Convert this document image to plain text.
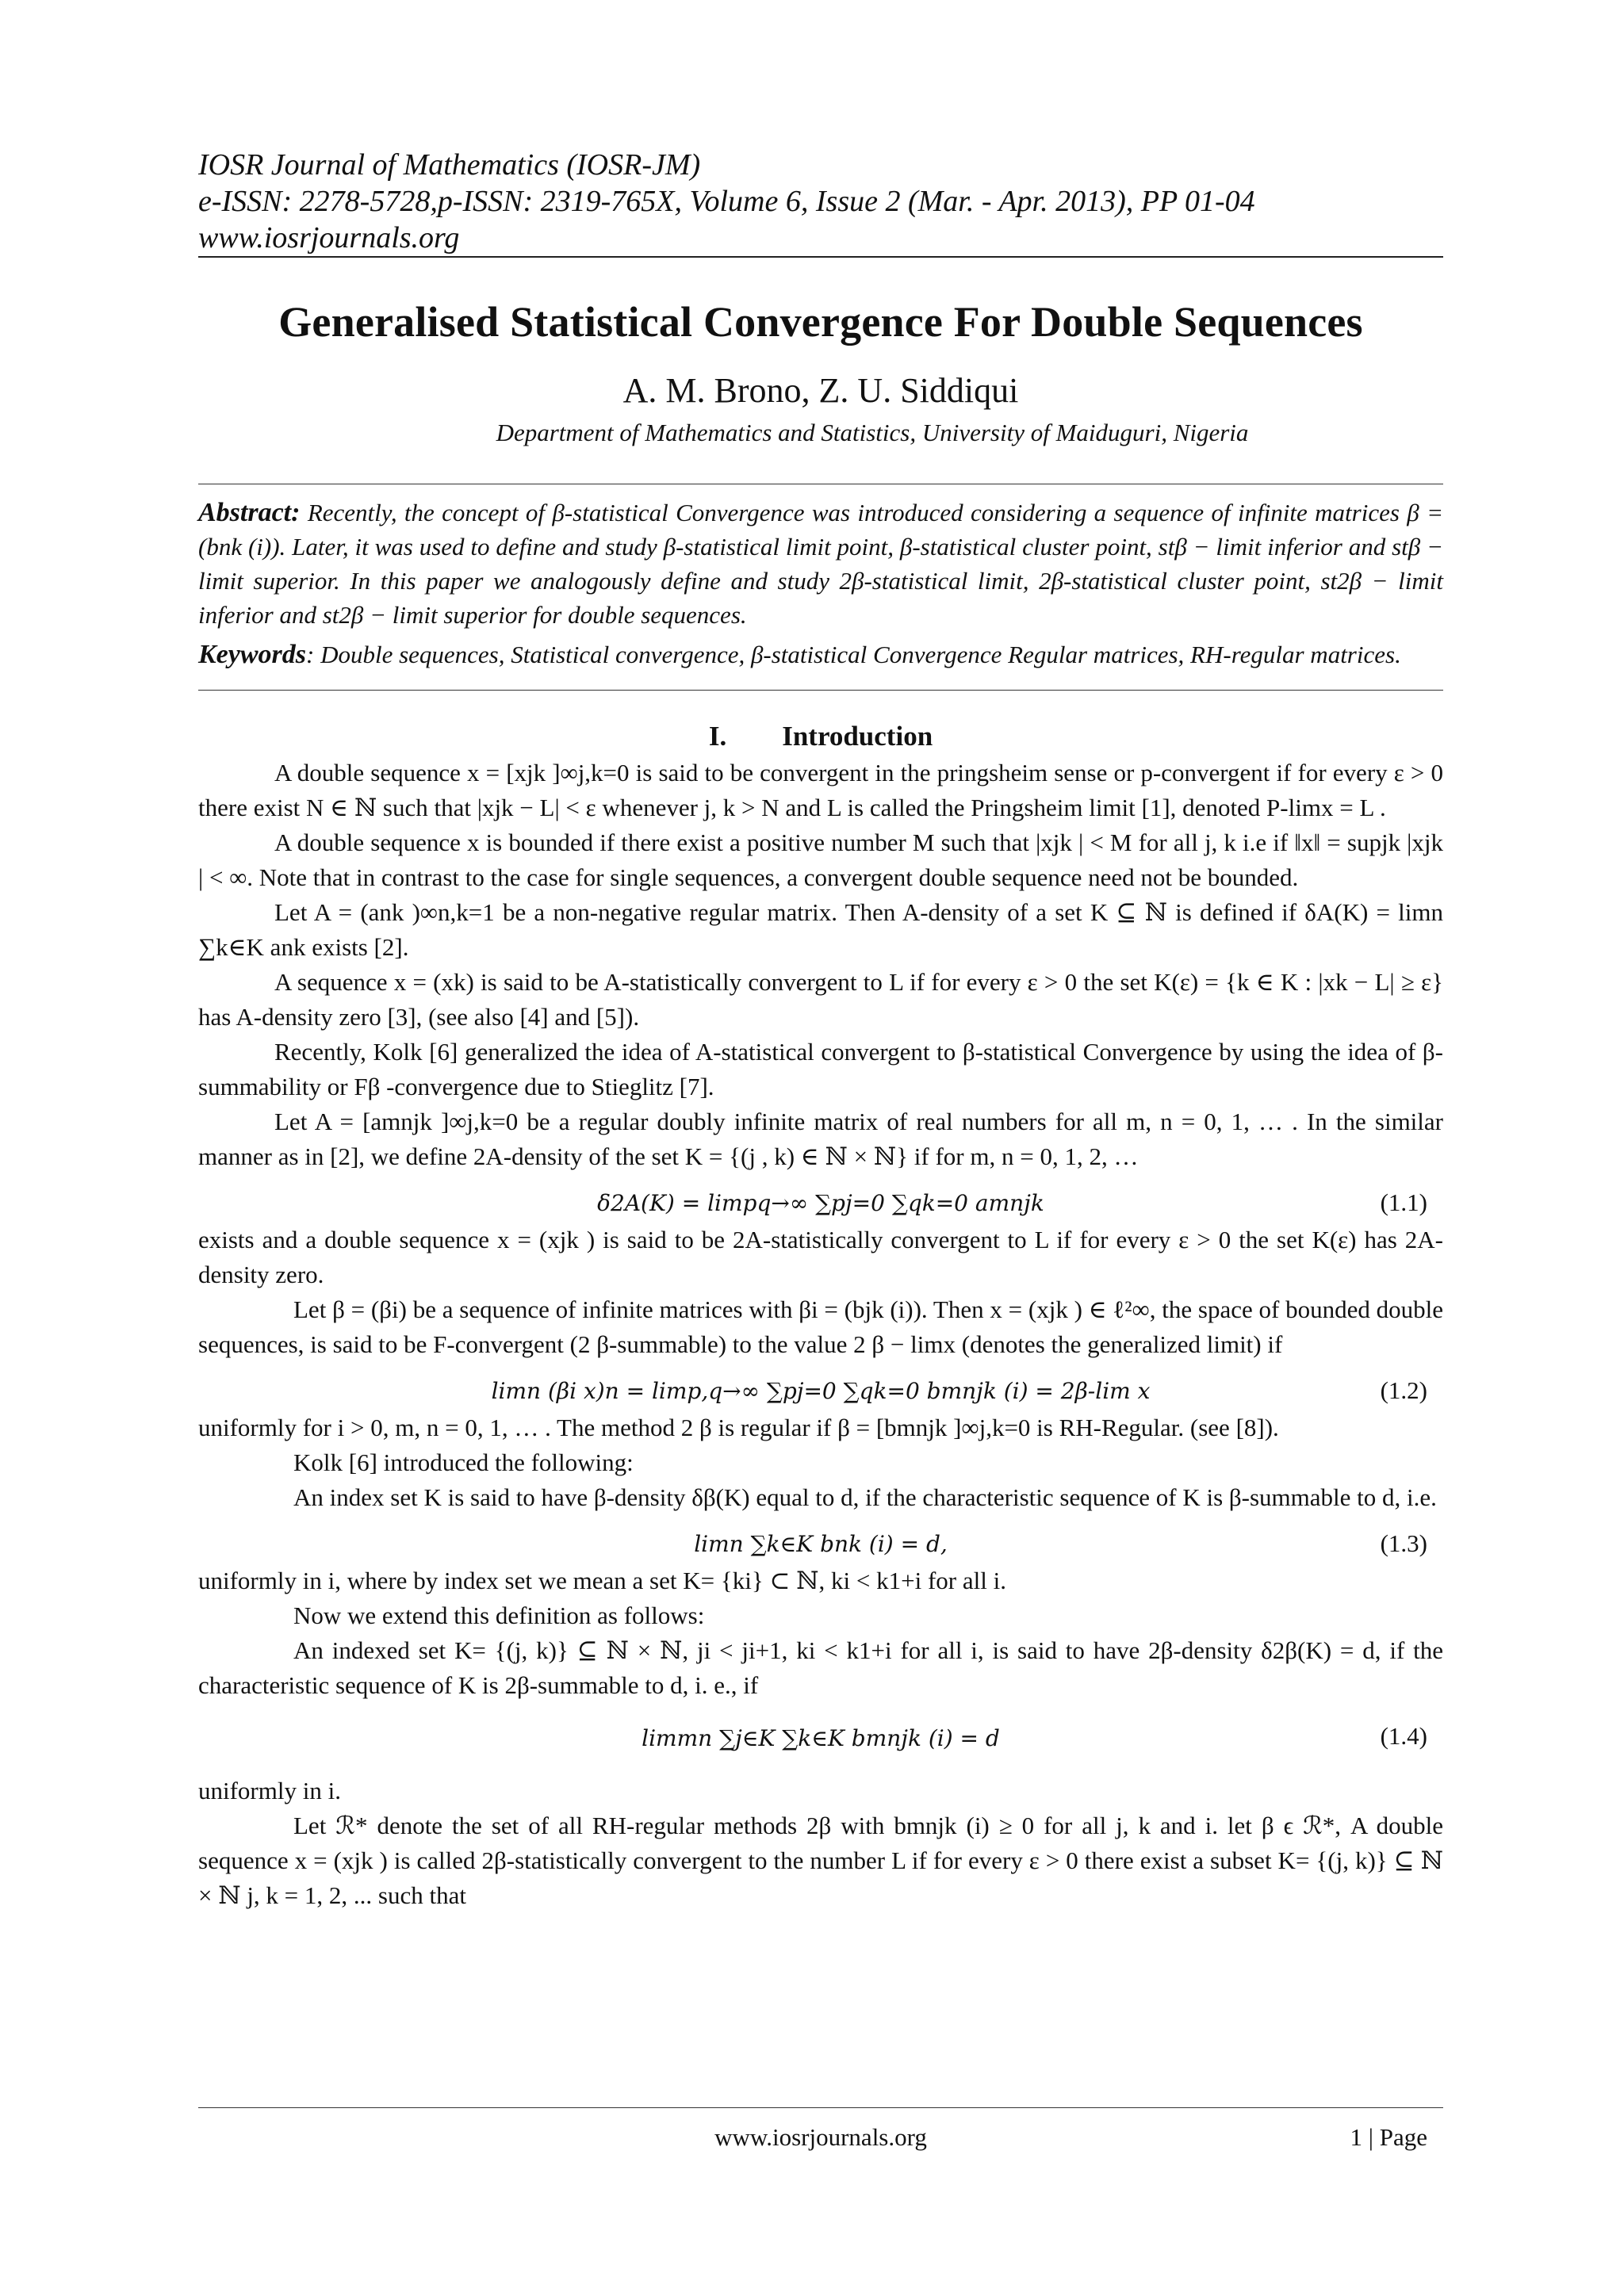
IOSR Journal of Mathematics (IOSR-JM)
e-ISSN: 2278-5728,p-ISSN: 2319-765X, Volume 6, Issue 2 (Mar. - Apr. 2013), PP 01-04
www.iosrjournals.org
Generalised Statistical Convergence For Double Sequences
A. M. Brono, Z. U. Siddiqui
Department of Mathematics and Statistics, University of Maiduguri, Nigeria
Abstract: Recently, the concept of β-statistical Convergence was introduced considering a sequence of infinite matrices β = (bnk (i)). Later, it was used to define and study β-statistical limit point, β-statistical cluster point, stβ − limit inferior and stβ − limit superior. In this paper we analogously define and study 2β-statistical limit, 2β-statistical cluster point, st2β − limit inferior and st2β − limit superior for double sequences.
Keywords: Double sequences, Statistical convergence, β-statistical Convergence Regular matrices, RH-regular matrices.
I. Introduction

A double sequence x = [xjk ]∞j,k=0 is said to be convergent in the pringsheim sense or p-convergent if for every ε > 0 there exist N ∈ ℕ such that |xjk − L| < ε whenever j, k > N and L is called the Pringsheim limit [1], denoted P-limx = L .

A double sequence x is bounded if there exist a positive number M such that |xjk | < M for all j, k i.e if ‖x‖ = supjk |xjk | < ∞. Note that in contrast to the case for single sequences, a convergent double sequence need not be bounded.

Let A = (ank )∞n,k=1 be a non-negative regular matrix. Then A-density of a set K ⊆ ℕ is defined if δA(K) = limn ∑k∈K ank exists [2].

A sequence x = (xk) is said to be A-statistically convergent to L if for every ε > 0 the set K(ε) = {k ∈ K : |xk − L| ≥ ε} has A-density zero [3], (see also [4] and [5]).

Recently, Kolk [6] generalized the idea of A-statistical convergent to β-statistical Convergence by using the idea of β-summability or Fβ -convergence due to Stieglitz [7].

Let A = [amnjk ]∞j,k=0 be a regular doubly infinite matrix of real numbers for all m, n = 0, 1, … . In the similar manner as in [2], we define 2A-density of the set K = {(j , k) ∈ ℕ × ℕ} if for m, n = 0, 1, 2, …

δ2A(K) = limpq→∞ ∑pj=0 ∑qk=0 amnjk	(1.1)

exists and a double sequence x = (xjk ) is said to be 2A-statistically convergent to L if for every ε > 0 the set K(ε) has 2A-density zero.

Let β = (βi) be a sequence of infinite matrices with βi = (bjk (i)). Then x = (xjk ) ∈ ℓ²∞, the space of bounded double sequences, is said to be F-convergent (2 β-summable) to the value 2 β − limx (denotes the generalized limit) if

limn (βi x)n = limp,q→∞ ∑pj=0 ∑qk=0 bmnjk (i) = 2β-lim x	(1.2)

uniformly for i > 0, m, n = 0, 1, … . The method 2 β is regular if β = [bmnjk ]∞j,k=0 is RH-Regular. (see [8]).

Kolk [6] introduced the following:

An index set K is said to have β-density δβ(K) equal to d, if the characteristic sequence of K is β-summable to d, i.e.

limn ∑k∈K bnk (i) = d,	(1.3)

uniformly in i, where by index set we mean a set K= {ki} ⊂ ℕ, ki < k1+i for all i.

Now we extend this definition as follows:

An indexed set K= {(j, k)} ⊆ ℕ × ℕ, ji < ji+1, ki < k1+i for all i, is said to have 2β-density δ2β(K) = d, if the characteristic sequence of K is 2β-summable to d, i. e., if

limmn ∑j∈K ∑k∈K bmnjk (i) = d	(1.4)

uniformly in i.

Let ℛ* denote the set of all RH-regular methods 2β with bmnjk (i) ≥ 0 for all j, k and i. let β ϵ ℛ*, A double sequence x = (xjk ) is called 2β-statistically convergent to the number L if for every ε > 0 there exist a subset K= {(j, k)} ⊆ ℕ × ℕ j, k = 1, 2, ... such that

www.iosrjournals.org	1 | Page
